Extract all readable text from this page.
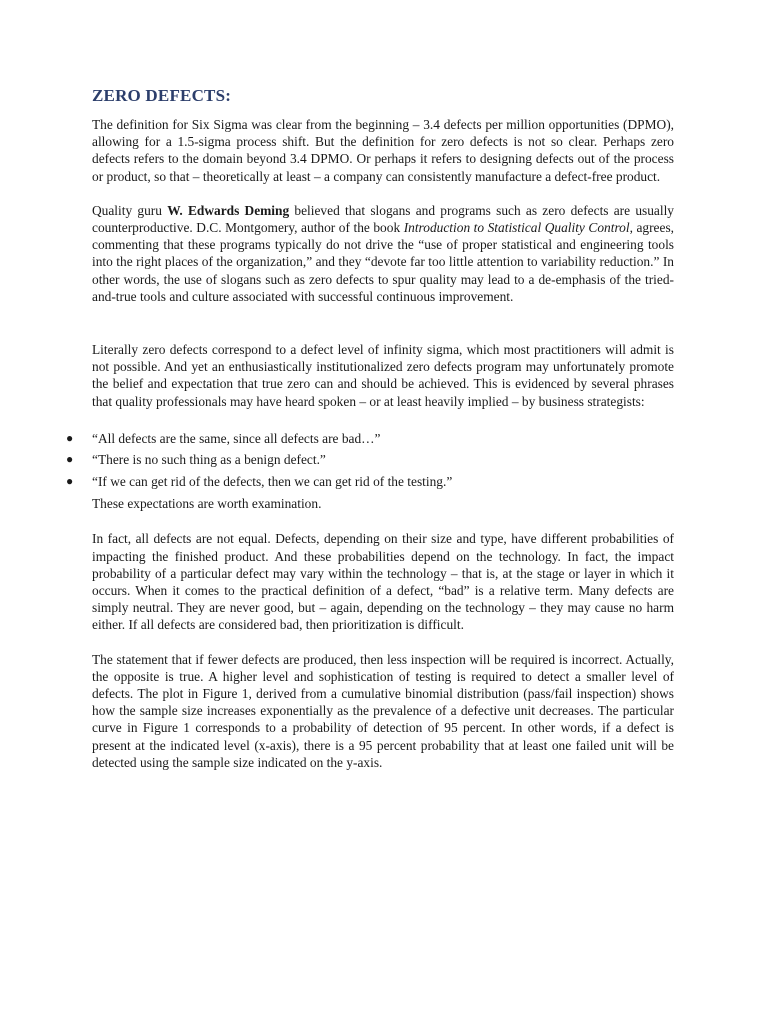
ZERO DEFECTS:

The definition for Six Sigma was clear from the beginning – 3.4 defects per million opportunities (DPMO), allowing for a 1.5-sigma process shift. But the definition for zero defects is not so clear. Perhaps zero defects refers to the domain beyond 3.4 DPMO. Or perhaps it refers to designing defects out of the process or product, so that – theoretically at least – a company can consistently manufacture a defect-free product.

Quality guru W. Edwards Deming believed that slogans and programs such as zero defects are usually counterproductive. D.C. Montgomery, author of the book Introduction to Statistical Quality Control, agrees, commenting that these programs typically do not drive the “use of proper statistical and engineering tools into the right places of the organization,” and they “devote far too little attention to variability reduction.” In other words, the use of slogans such as zero defects to spur quality may lead to a de-emphasis of the tried-and-true tools and culture associated with successful continuous improvement.

Literally zero defects correspond to a defect level of infinity sigma, which most practitioners will admit is not possible. And yet an enthusiastically institutionalized zero defects program may unfortunately promote the belief and expectation that true zero can and should be achieved. This is evidenced by several phrases that quality professionals may have heard spoken – or at least heavily implied – by business strategists:

● “All defects are the same, since all defects are bad…”
● “There is no such thing as a benign defect.”
● “If we can get rid of the defects, then we can get rid of the testing.”

These expectations are worth examination.

In fact, all defects are not equal. Defects, depending on their size and type, have different probabilities of impacting the finished product. And these probabilities depend on the technology. In fact, the impact probability of a particular defect may vary within the technology – that is, at the stage or layer in which it occurs. When it comes to the practical definition of a defect, “bad” is a relative term. Many defects are simply neutral. They are never good, but – again, depending on the technology – they may cause no harm either. If all defects are considered bad, then prioritization is difficult.

The statement that if fewer defects are produced, then less inspection will be required is incorrect. Actually, the opposite is true. A higher level and sophistication of testing is required to detect a smaller level of defects. The plot in Figure 1, derived from a cumulative binomial distribution (pass/fail inspection) shows how the sample size increases exponentially as the prevalence of a defective unit decreases. The particular curve in Figure 1 corresponds to a probability of detection of 95 percent. In other words, if a defect is present at the indicated level (x-axis), there is a 95 percent probability that at least one failed unit will be detected using the sample size indicated on the y-axis.
